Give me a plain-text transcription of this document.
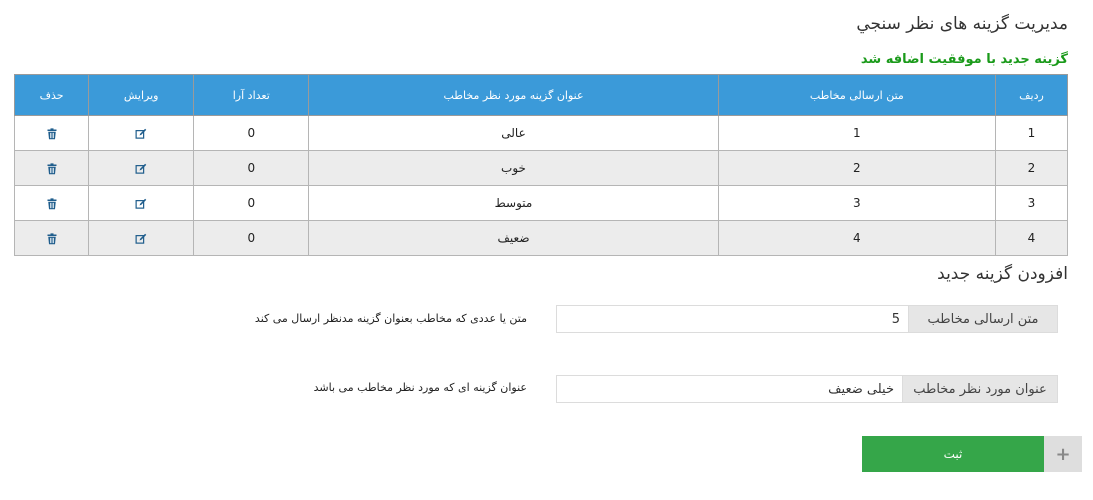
مديريت گزينه های نظر سنجي
گزينه جديد با موفقيت اضافه شد
رديف	متن ارسالی مخاطب	عنوان گزينه مورد نظر مخاطب	تعداد آرا	ويرايش	حذف
1	1	عالی	0	

2	2	خوب	0	

3	3	متوسط	0	

4	4	ضعيف	0	

افزودن گزينه جديد
متن ارسالی مخاطب
5
متن يا عددی که مخاطب بعنوان گزينه مدنظر ارسال می کند
عنوان مورد نظر مخاطب
خيلی ضعيف
عنوان گزينه ای که مورد نظر مخاطب می باشد
ثبت	+
